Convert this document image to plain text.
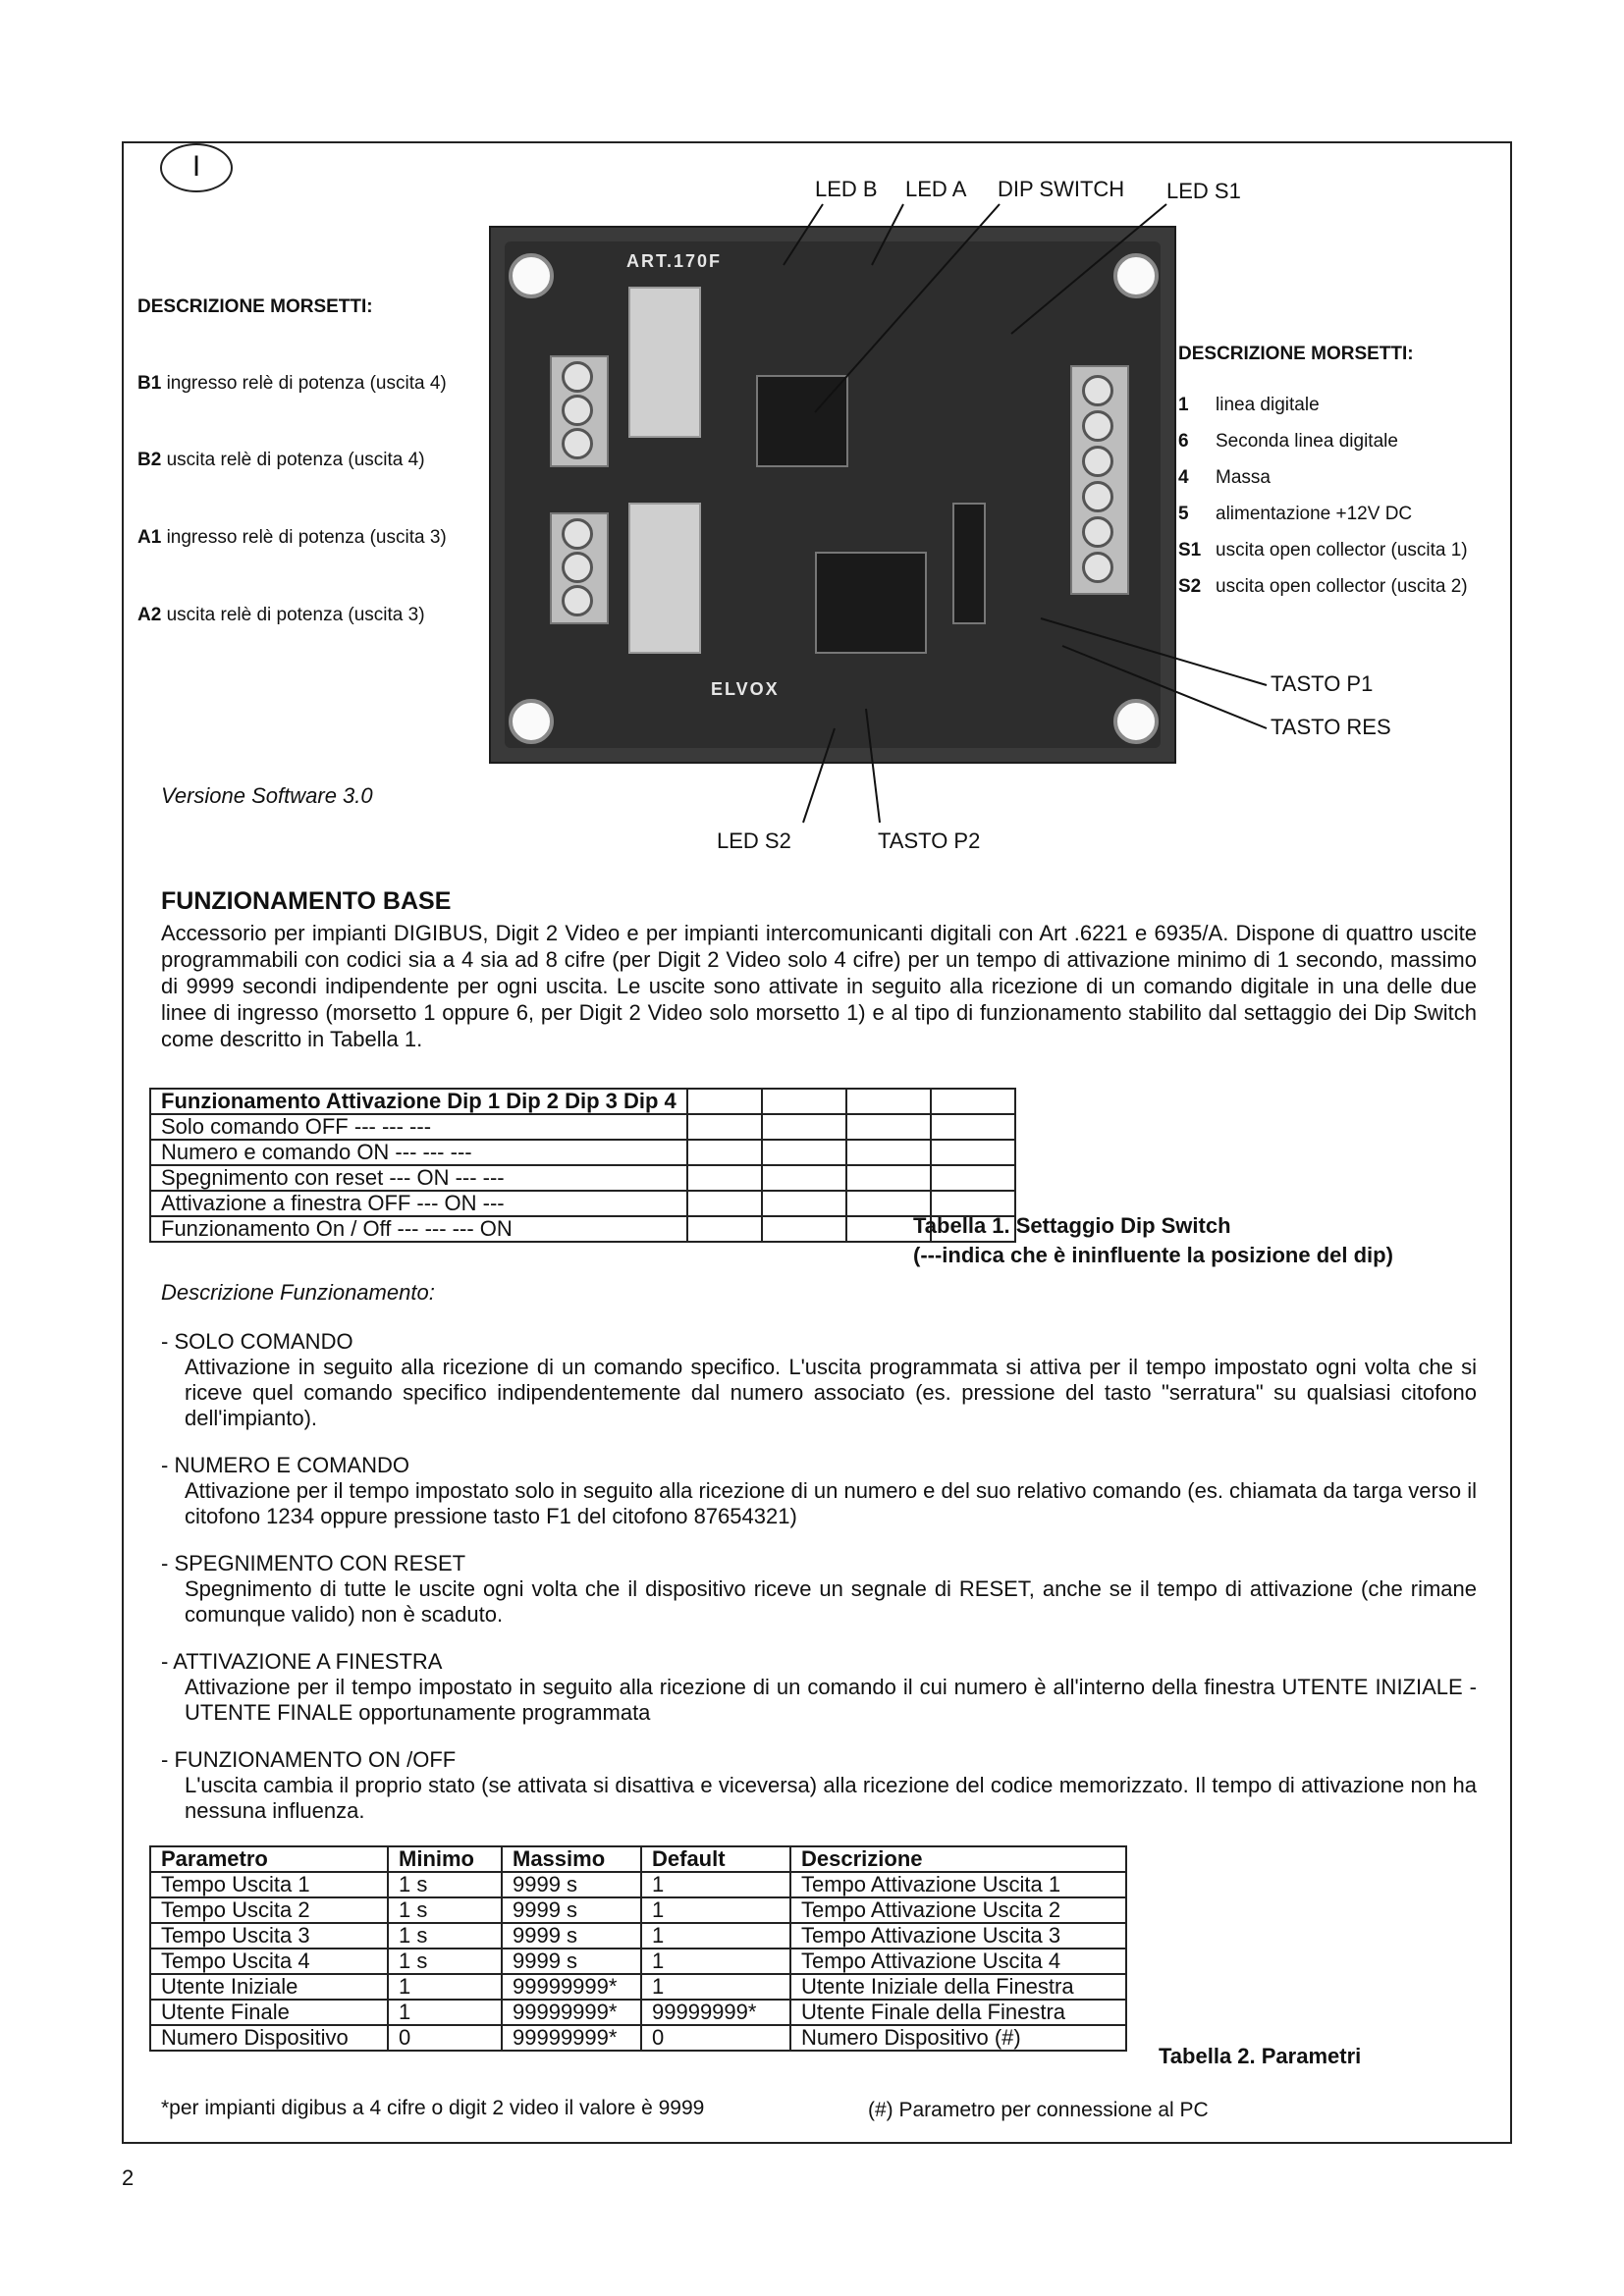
I
ART.170F
ELVOX
LED B LED A DIP SWITCH LED S1
TASTO P1
TASTO RES
LED S2	TASTO P2
DESCRIZIONE MORSETTI:
B1 ingresso relè di potenza (uscita 4)
B2 uscita relè di potenza (uscita 4)
A1 ingresso relè di potenza (uscita 3)
A2 uscita relè di potenza (uscita 3)
DESCRIZIONE MORSETTI:
1 linea digitale
6 Seconda linea digitale
4 Massa
5 alimentazione +12V DC
S1 uscita open collector (uscita 1)
S2 uscita open collector (uscita 2)
Versione Software 3.0
FUNZIONAMENTO BASE
Accessorio per impianti DIGIBUS, Digit 2 Video e per impianti intercomunicanti digitali con Art .6221 e 6935/A. Dispone di quattro uscite programmabili con codici sia a 4 sia ad 8 cifre (per Digit 2 Video solo 4 cifre) per un tempo di attivazione minimo di 1 secondo, massimo di 9999 secondi indipendente per ogni uscita. Le uscite sono attivate in seguito alla ricezione di un comando digitale in una delle due linee di ingresso (morsetto 1 oppure 6, per Digit 2 Video solo morsetto 1) e al tipo di funzionamento stabilito dal settaggio dei Dip Switch come descritto in Tabella 1.
Funzionamento Attivazione Dip 1 Dip 2 Dip 3 Dip 4				
Solo comando OFF --- --- ---				
Numero e comando ON --- --- ---				
Spegnimento con reset --- ON --- ---				
Attivazione a finestra OFF --- ON ---				
Funzionamento On / Off --- --- --- ON					Tabella 1. Settaggio Dip Switch
(---indica che è ininfluente la posizione del dip)
Descrizione Funzionamento:
- SOLO COMANDO
Attivazione in seguito alla ricezione di un comando specifico. L'uscita programmata si attiva per il tempo impostato ogni volta che si riceve quel comando specifico indipendentemente dal numero associato (es. pressione del tasto "serratura" su qualsiasi citofono dell'impianto).
- NUMERO E COMANDO
Attivazione per il tempo impostato solo in seguito alla ricezione di un numero e del suo relativo comando (es. chiamata da targa verso il citofono 1234 oppure pressione tasto F1 del citofono 87654321)
- SPEGNIMENTO CON RESET
Spegnimento di tutte le uscite ogni volta che il dispositivo riceve un segnale di RESET, anche se il tempo di attivazione (che rimane comunque valido) non è scaduto.
- ATTIVAZIONE A FINESTRA
Attivazione per il tempo impostato in seguito alla ricezione di un comando il cui numero è all'interno della finestra UTENTE INIZIALE - UTENTE FINALE opportunamente programmata
- FUNZIONAMENTO ON /OFF
L'uscita cambia il proprio stato (se attivata si disattiva e viceversa) alla ricezione del codice memorizzato. Il tempo di attivazione non ha nessuna influenza.
Parametro	Minimo	Massimo	Default	Descrizione
Tempo Uscita 1	1 s	9999 s	1	Tempo Attivazione Uscita 1
Tempo Uscita 2	1 s	9999 s	1	Tempo Attivazione Uscita 2
Tempo Uscita 3	1 s	9999 s	1	Tempo Attivazione Uscita 3
Tempo Uscita 4	1 s	9999 s	1	Tempo Attivazione Uscita 4
Utente Iniziale	1	99999999*	1	Utente Iniziale della Finestra
Utente Finale	1	99999999*	99999999*	Utente Finale della Finestra
Numero Dispositivo	0	99999999*	0	Numero Dispositivo (#)
Tabella 2. Parametri
*per impianti digibus a 4 cifre o digit 2 video il valore è 9999	(#) Parametro per connessione al PC
2
